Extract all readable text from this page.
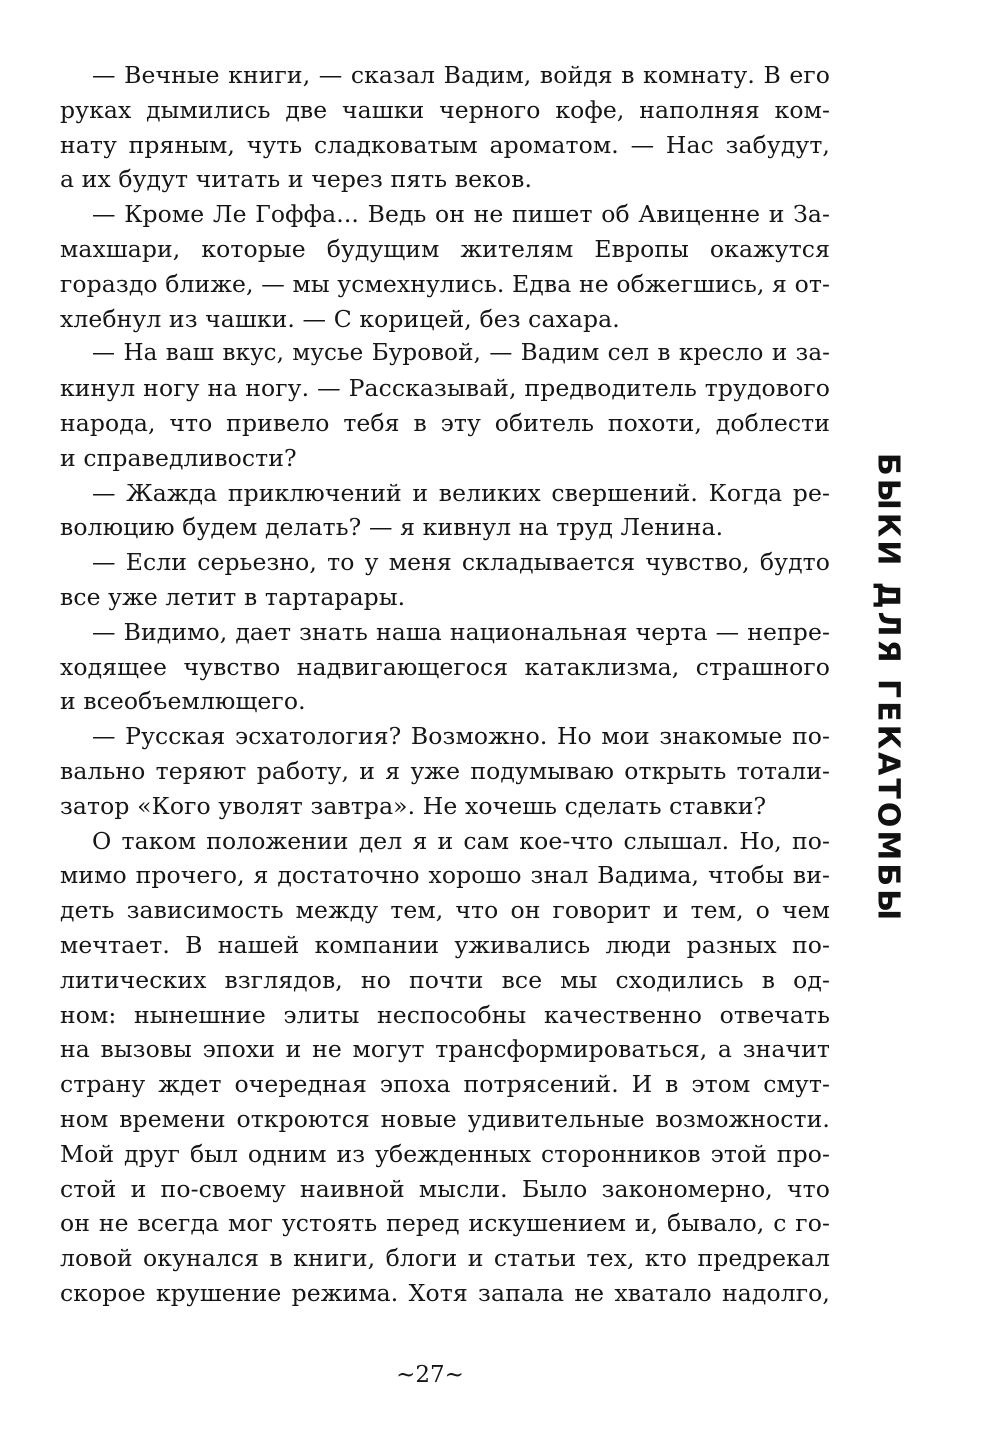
— Вечные книги, — сказал Вадим, войдя в комнату. В его
руках дымились две чашки черного кофе, наполняя ком-
нату пряным, чуть сладковатым ароматом. — Нас забудут,
а их будут читать и через пять веков.
— Кроме Ле Гоффа... Ведь он не пишет об Авиценне и За-
махшари, которые будущим жителям Европы окажутся
гораздо ближе, — мы усмехнулись. Едва не обжегшись, я от-
хлебнул из чашки. — С корицей, без сахара.
— На ваш вкус, мусье Буровой, — Вадим сел в кресло и за-
кинул ногу на ногу. — Рассказывай, предводитель трудового
народа, что привело тебя в эту обитель похоти, доблести
и справедливости?
— Жажда приключений и великих свершений. Когда ре-
волюцию будем делать? — я кивнул на труд Ленина.
— Если серьезно, то у меня складывается чувство, будто
все уже летит в тартарары.
— Видимо, дает знать наша национальная черта — непре-
ходящее чувство надвигающегося катаклизма, страшного
и всеобъемлющего.
— Русская эсхатология? Возможно. Но мои знакомые по-
вально теряют работу, и я уже подумываю открыть тотали-
затор «Кого уволят завтра». Не хочешь сделать ставки?
О таком положении дел я и сам кое-что слышал. Но, по-
мимо прочего, я достаточно хорошо знал Вадима, чтобы ви-
деть зависимость между тем, что он говорит и тем, о чем
мечтает. В нашей компании уживались люди разных по-
литических взглядов, но почти все мы сходились в од-
ном: нынешние элиты неспособны качественно отвечать
на вызовы эпохи и не могут трансформироваться, а значит
страну ждет очередная эпоха потрясений. И в этом смут-
ном времени откроются новые удивительные возможности.
Мой друг был одним из убежденных сторонников этой про-
стой и по-своему наивной мысли. Было закономерно, что
он не всегда мог устоять перед искушением и, бывало, с го-
ловой окунался в книги, блоги и статьи тех, кто предрекал
скорое крушение режима. Хотя запала не хватало надолго,
БЫКИ ДЛЯ ГЕКАТОМБЫ
~27~
